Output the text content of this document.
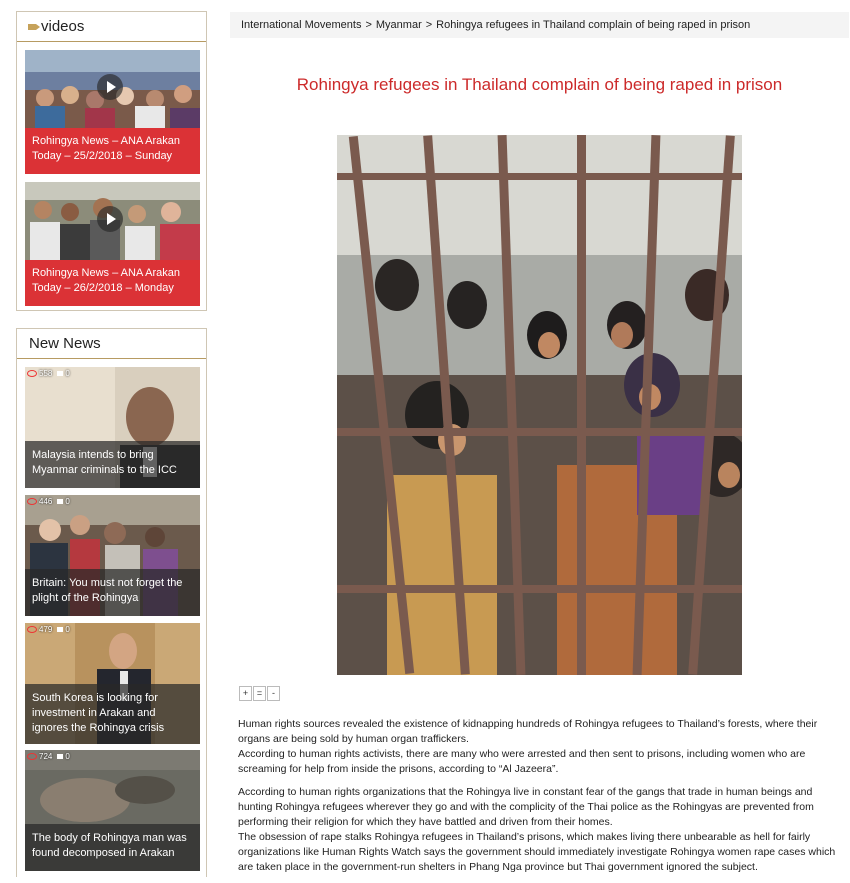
videos
Rohingya News – ANA Arakan Today – 25/2/2018 – Sunday
Rohingya News – ANA Arakan Today – 26/2/2018 – Monday
New News
558 0
Malaysia intends to bring Myanmar criminals to the ICC
446 0
Britain: You must not forget the plight of the Rohingya
479 0
South Korea is looking for investment in Arakan and ignores the Rohingya crisis
724 0
The body of Rohingya man was found decomposed in Arakan
International Movements > Myanmar > Rohingya refugees in Thailand complain of being raped in prison
Rohingya refugees in Thailand complain of being raped in prison
+ =	-

Human rights sources revealed the existence of kidnapping hundreds of Rohingya refugees to Thailand’s forests, where their organs are being sold by human organ traffickers.
According to human rights activists, there are many who were arrested and then sent to prisons, including women who are screaming for help from inside the prisons, according to “Al Jazeera”.

According to human rights organizations that the Rohingya live in constant fear of the gangs that trade in human beings and hunting Rohingya refugees wherever they go and with the complicity of the Thai police as the Rohingyas are prevented from performing their religion for which they have battled and driven from their homes.
The obsession of rape stalks Rohingya refugees in Thailand’s prisons, which makes living there unbearable as hell for fairly organizations like Human Rights Watch says the government should immediately investigate Rohingya women rape cases which are taken place in the government-run shelters in Phang Nga province but Thai government ignored the subject.
